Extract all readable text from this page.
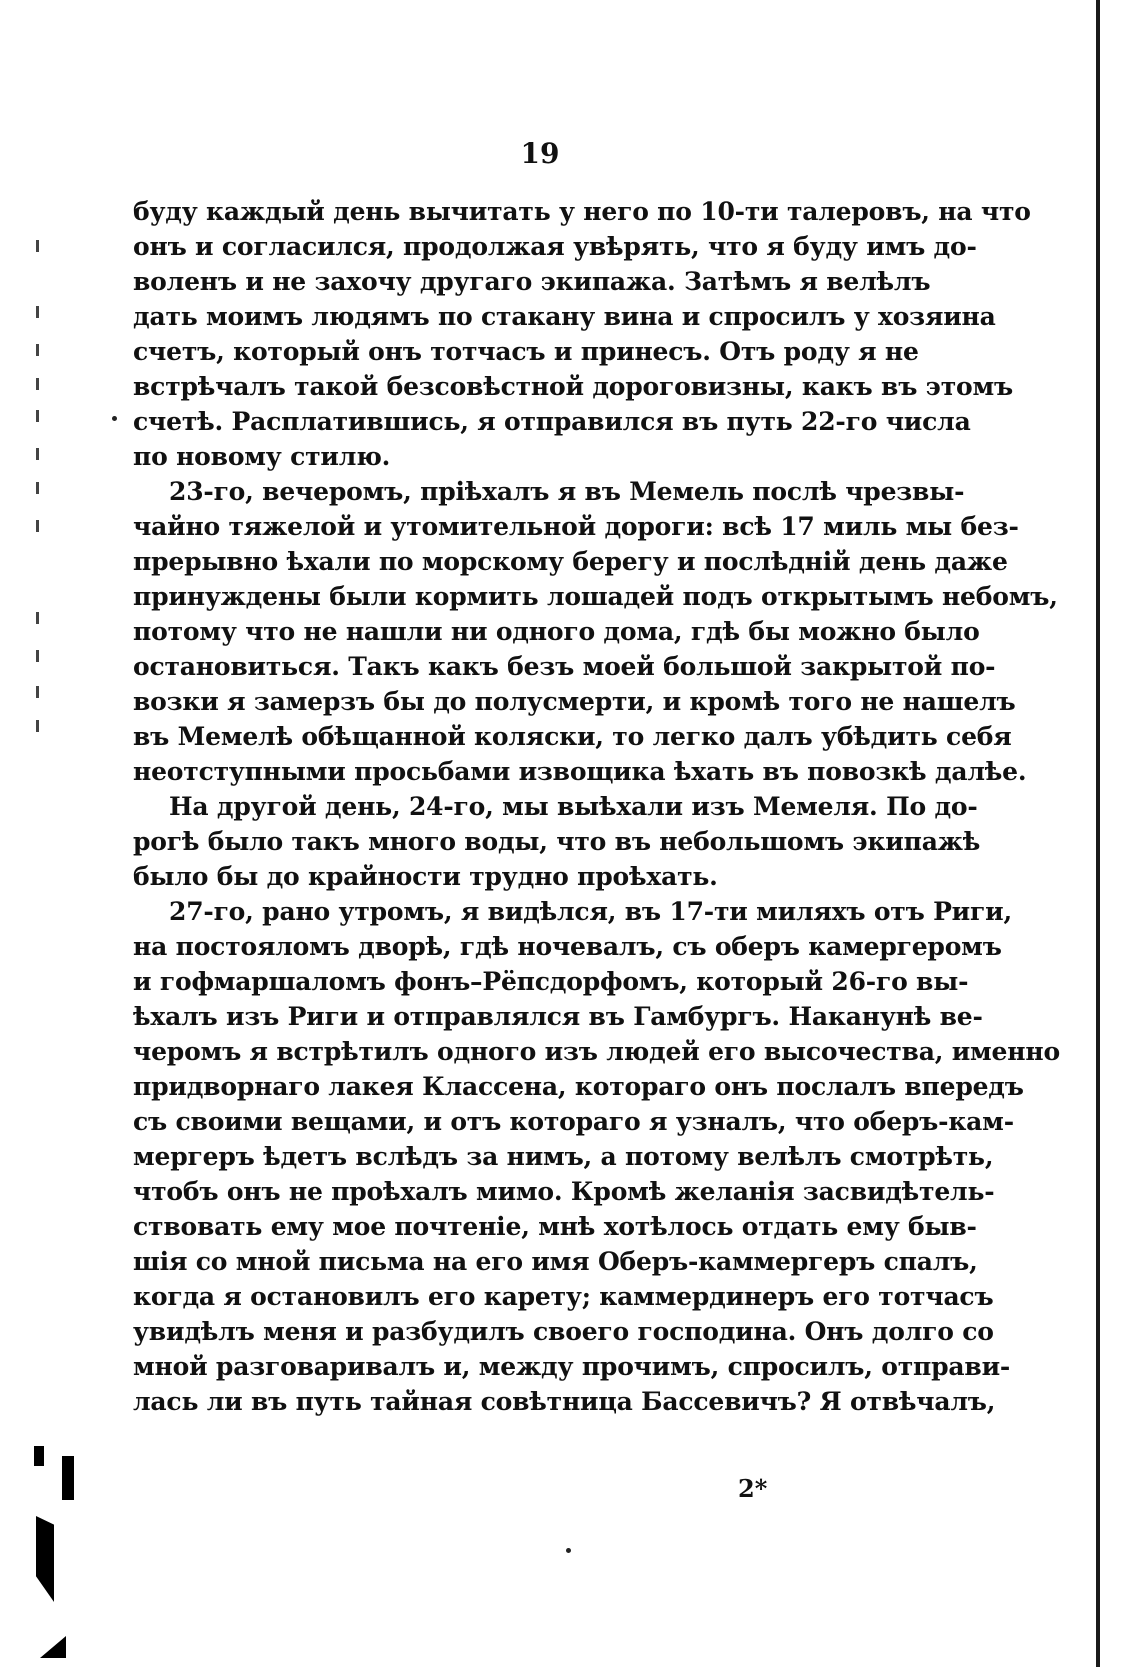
19
буду каждый день вычитать у него по 10-ти талеровъ, на что
онъ и согласился, продолжая увѣрять, что я буду имъ до-
воленъ и не захочу другаго экипажа. Затѣмъ я велѣлъ
дать моимъ людямъ по стакану вина и спросилъ у хозяина
счетъ, который онъ тотчасъ и принесъ. Отъ роду я не
встрѣчалъ такой безсовѣстной дороговизны, какъ въ этомъ
счетѣ. Расплатившись, я отправился въ путь 22-го числа
по новому стилю.
23-го, вечеромъ, пріѣхалъ я въ Мемель послѣ чрезвы-
чайно тяжелой и утомительной дороги: всѣ 17 миль мы без-
прерывно ѣхали по морскому берегу и послѣдній день даже
принуждены были кормить лошадей подъ открытымъ небомъ,
потому что не нашли ни одного дома, гдѣ бы можно было
остановиться. Такъ какъ безъ моей большой закрытой по-
возки я замерзъ бы до полусмерти, и кромѣ того не нашелъ
въ Мемелѣ обѣщанной коляски, то легко далъ убѣдить себя
неотступными просьбами извощика ѣхать въ повозкѣ далѣе.
На другой день, 24-го, мы выѣхали изъ Мемеля. По до-
рогѣ было такъ много воды, что въ небольшомъ экипажѣ
было бы до крайности трудно проѣхать.
27-го, рано утромъ, я видѣлся, въ 17-ти миляхъ отъ Риги,
на постояломъ дворѣ, гдѣ ночевалъ, съ оберъ камергеромъ
и гофмаршаломъ фонъ–Рёпсдорфомъ, который 26-го вы-
ѣхалъ изъ Риги и отправлялся въ Гамбургъ. Наканунѣ ве-
черомъ я встрѣтилъ одного изъ людей его высочества, именно
придворнаго лакея Классена, котораго онъ послалъ впередъ
съ своими вещами, и отъ котораго я узналъ, что оберъ-кам-
мергеръ ѣдетъ вслѣдъ за нимъ, а потому велѣлъ смотрѣть,
чтобъ онъ не проѣхалъ мимо. Кромѣ желанія засвидѣтель-
ствовать ему мое почтеніе, мнѣ хотѣлось отдать ему быв-
шія со мной письма на его имя Оберъ-каммергеръ спалъ,
когда я остановилъ его карету; каммердинеръ его тотчасъ
увидѣлъ меня и разбудилъ своего господина. Онъ долго со
мной разговаривалъ и, между прочимъ, спросилъ, отправи-
лась ли въ путь тайная совѣтница Бассевичъ? Я отвѣчалъ,
2*
